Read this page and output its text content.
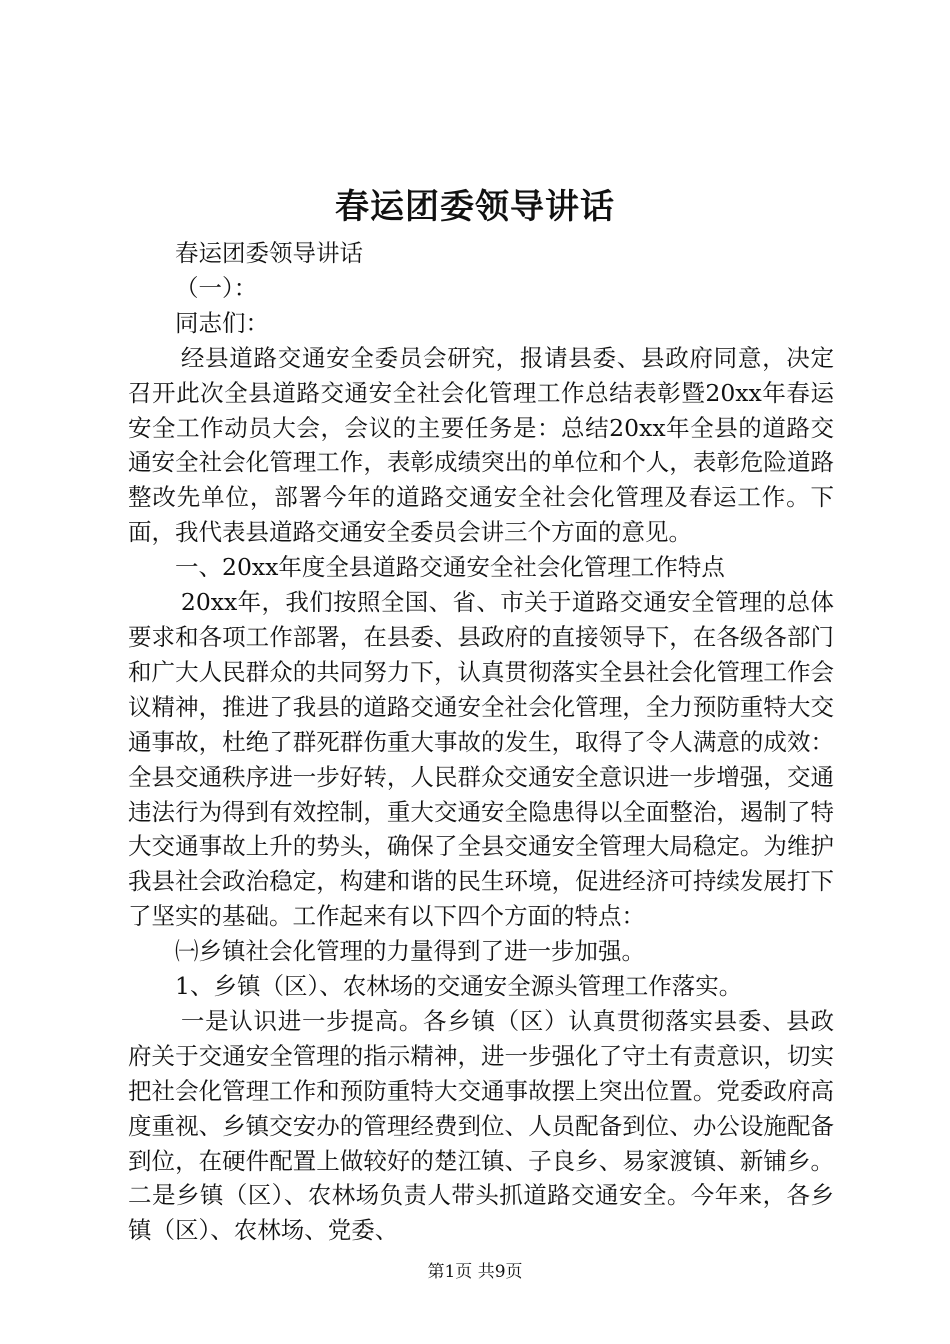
春运团委领导讲话

春运团委领导讲话

（一）：

同志们：

经县道路交通安全委员会研究，报请县委、县政府同意，决定召开此次全县道路交通安全社会化管理工作总结表彰暨20xx年春运安全工作动员大会，会议的主要任务是：总结20xx年全县的道路交通安全社会化管理工作，表彰成绩突出的单位和个人，表彰危险道路整改先单位，部署今年的道路交通安全社会化管理及春运工作。下面，我代表县道路交通安全委员会讲三个方面的意见。

一、20xx年度全县道路交通安全社会化管理工作特点

20xx年，我们按照全国、省、市关于道路交通安全管理的总体要求和各项工作部署，在县委、县政府的直接领导下，在各级各部门和广大人民群众的共同努力下，认真贯彻落实全县社会化管理工作会议精神，推进了我县的道路交通安全社会化管理，全力预防重特大交通事故，杜绝了群死群伤重大事故的发生，取得了令人满意的成效：全县交通秩序进一步好转，人民群众交通安全意识进一步增强，交通违法行为得到有效控制，重大交通安全隐患得以全面整治，遏制了特大交通事故上升的势头，确保了全县交通安全管理大局稳定。为维护我县社会政治稳定，构建和谐的民生环境，促进经济可持续发展打下了坚实的基础。工作起来有以下四个方面的特点：

㈠乡镇社会化管理的力量得到了进一步加强。

1、乡镇（区）、农林场的交通安全源头管理工作落实。

一是认识进一步提高。各乡镇（区）认真贯彻落实县委、县政府关于交通安全管理的指示精神，进一步强化了守土有责意识，切实把社会化管理工作和预防重特大交通事故摆上突出位置。党委政府高度重视、乡镇交安办的管理经费到位、人员配备到位、办公设施配备到位，在硬件配置上做较好的楚江镇、子良乡、易家渡镇、新铺乡。二是乡镇（区）、农林场负责人带头抓道路交通安全。今年来，各乡镇（区）、农林场、党委、

第1页 共9页
